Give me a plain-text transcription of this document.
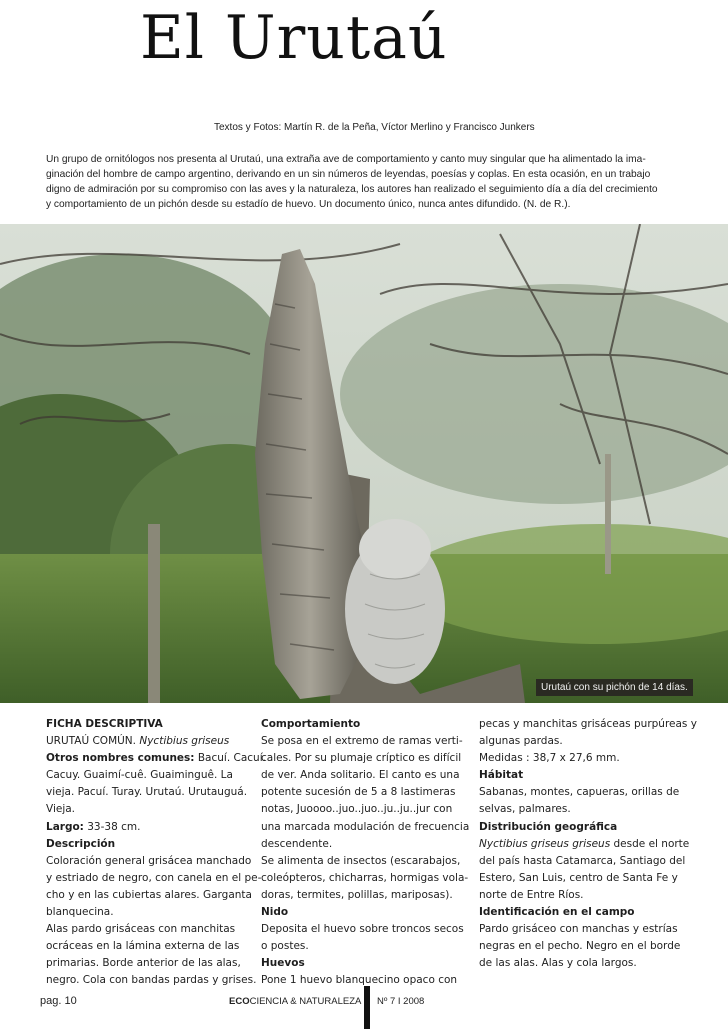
El Urutaú
Textos y Fotos: Martín R. de la Peña, Víctor Merlino y Francisco Junkers
Un grupo de ornitólogos nos presenta al Urutaú, una extraña ave de comportamiento y canto muy singular que ha alimentado la ima-
ginación del hombre de campo argentino, derivando en un sin números de leyendas, poesías y coplas. En esta ocasión, en un trabajo
digno de admiración por su compromiso con las aves y la naturaleza, los autores han realizado el seguimiento día a día del crecimiento
y comportamiento de un pichón desde su estadío de huevo. Un documento único, nunca antes difundido. (N. de R.).
Urutaú con su pichón de 14 días.
FICHA DESCRIPTIVA
URUTAÚ COMÚN. Nyctibius griseus
Otros nombres comunes: Bacuí. Cacuí.
Cacuy. Guaimí-cuê. Guaiminguê. La
vieja. Pacuí. Turay. Urutaú. Urutauguá.
Vieja.
Largo: 33-38 cm.
Descripción
Coloración general grisácea manchado
y estriado de negro, con canela en el pe-
cho y en las cubiertas alares. Garganta
blanquecina.
Alas pardo grisáceas con manchitas
ocráceas en la lámina externa de las
primarias. Borde anterior de las alas,
negro. Cola con bandas pardas y grises.
Comportamiento
Se posa en el extremo de ramas verti-
cales. Por su plumaje críptico es difícil
de ver. Anda solitario. El canto es una
potente sucesión de 5 a 8 lastimeras
notas, Juoooo..juo..juo..ju..ju..jur con
una marcada modulación de frecuencia
descendente.
Se alimenta de insectos (escarabajos,
coleópteros, chicharras, hormigas vola-
doras, termites, polillas, mariposas).
Nido
Deposita el huevo sobre troncos secos
o postes.
Huevos
Pone 1 huevo blanquecino opaco con
pecas y manchitas grisáceas purpúreas y
algunas pardas.
Medidas : 38,7 x 27,6 mm.
Hábitat
Sabanas, montes, capueras, orillas de
selvas, palmares.
Distribución geográfica
Nyctibius griseus griseus desde el norte
del país hasta Catamarca, Santiago del
Estero, San Luis, centro de Santa Fe y
norte de Entre Ríos.
Identificación en el campo
Pardo grisáceo con manchas y estrías
negras en el pecho. Negro en el borde
de las alas. Alas y cola largos.
pag. 10	ECOCIENCIA & NATURALEZA Nº 7 I 2008
